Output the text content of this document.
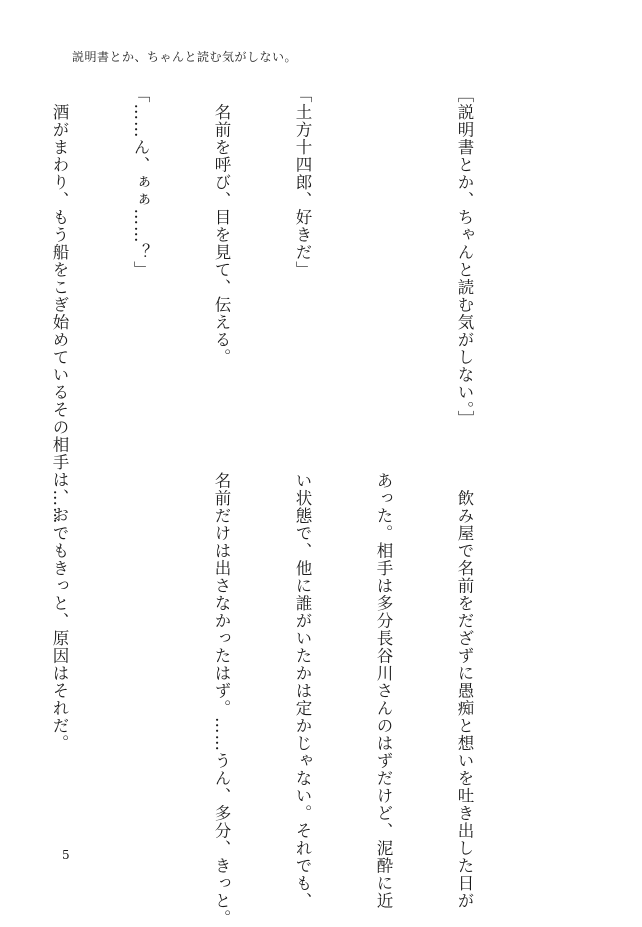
説明書とか、ちゃんと読む気がしない。

［説明書とか、ちゃんと読む気がしない。］

「土方十四郎、好きだ」

　名前を呼び、目を見て、伝える。

「……ん、ぁぁ……？」

　酒がまわり、もう船をこぎ始めているその相手は、お

　飲み屋で名前をだざずに愚痴と想いを吐き出した日が

あった。相手は多分長谷川さんのはずだけど、泥酔に近

い状態で、他に誰がいたかは定かじゃない。それでも、

名前だけは出さなかったはず。……うん、多分、きっと。

　……でもきっと、原因はそれだ。

5
